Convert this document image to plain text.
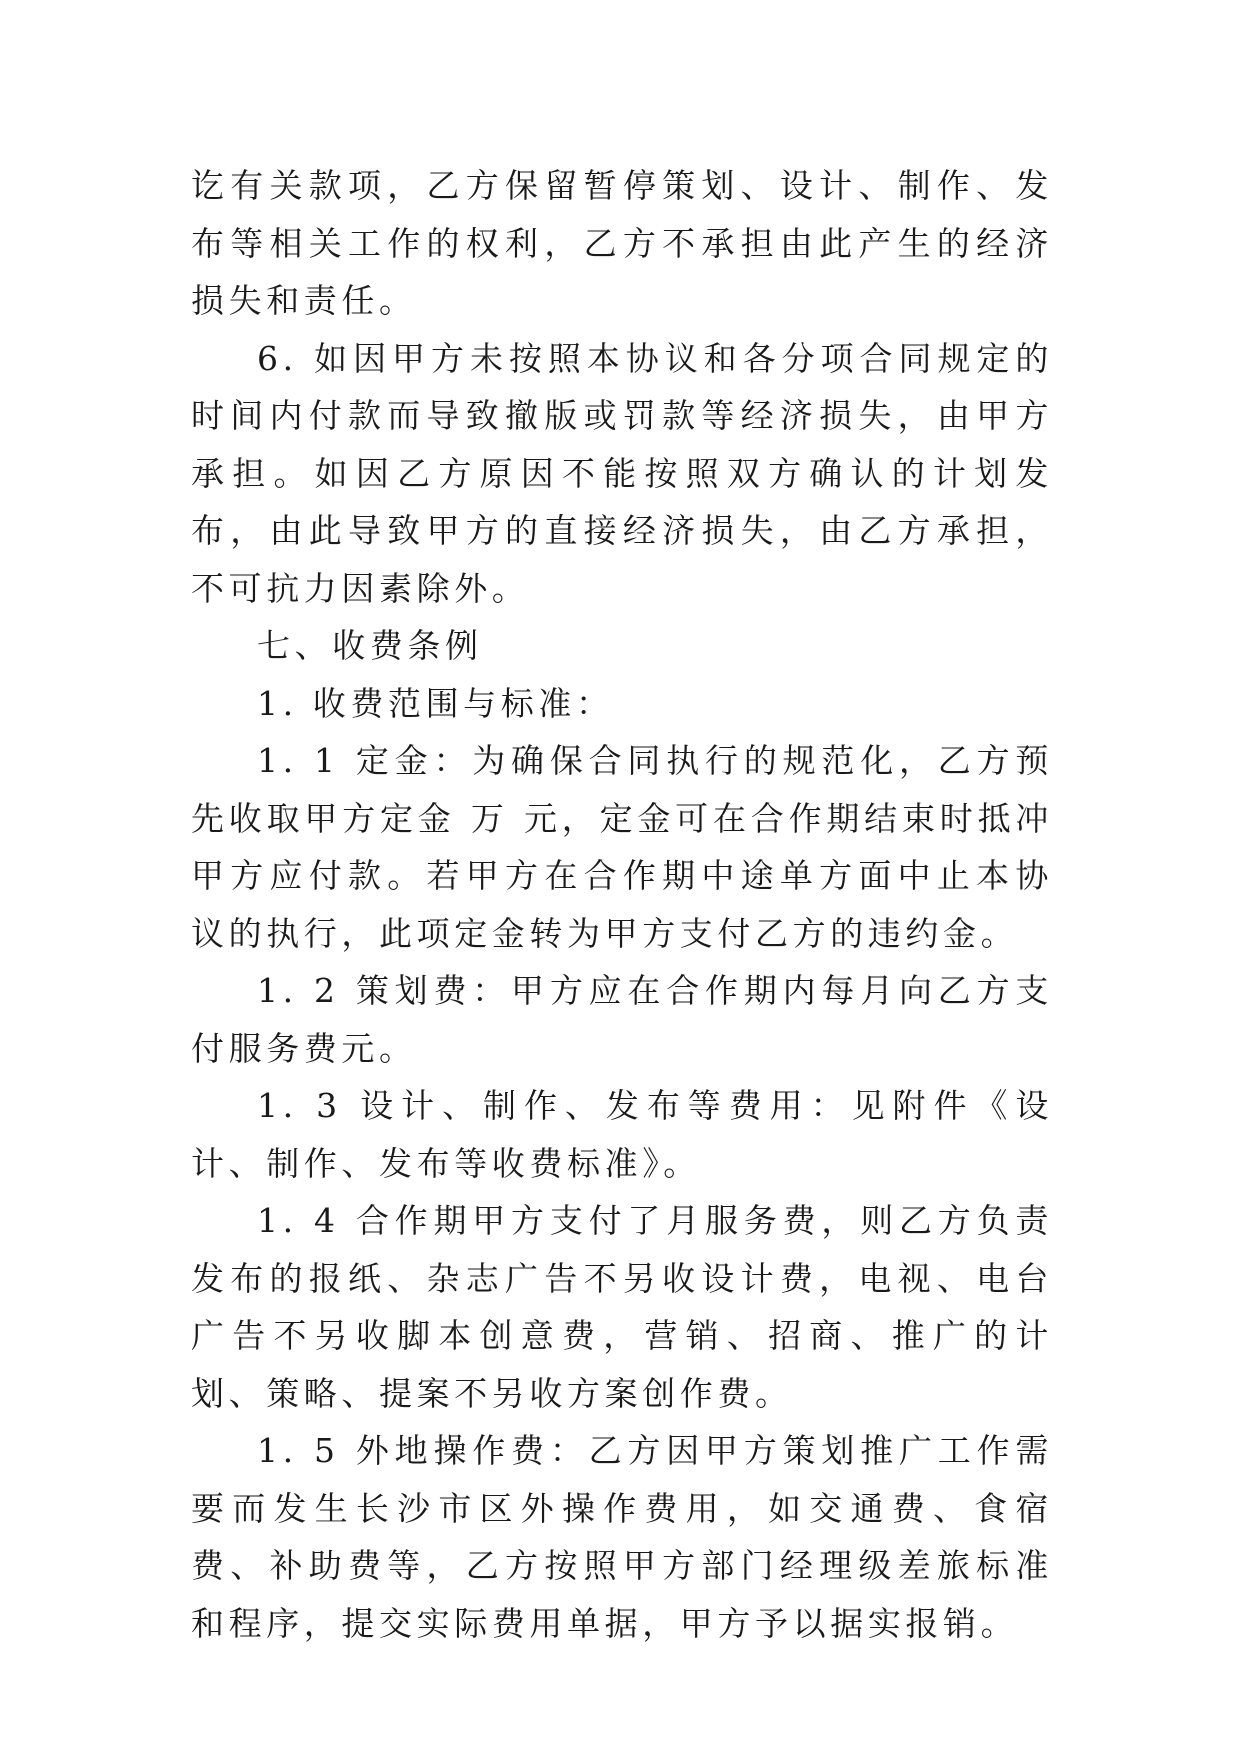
讫有关款项，乙方保留暂停策划、设计、制作、发布等相关工作的权利，乙方不承担由此产生的经济损失和责任。

6. 如因甲方未按照本协议和各分项合同规定的时间内付款而导致撤版或罚款等经济损失，由甲方承担。如因乙方原因不能按照双方确认的计划发布，由此导致甲方的直接经济损失，由乙方承担，不可抗力因素除外。

七、收费条例

1. 收费范围与标准：

1. 1 定金：为确保合同执行的规范化，乙方预先收取甲方定金 万 元，定金可在合作期结束时抵冲甲方应付款。若甲方在合作期中途单方面中止本协议的执行，此项定金转为甲方支付乙方的违约金。

1. 2 策划费：甲方应在合作期内每月向乙方支付服务费元。

1. 3 设计、制作、发布等费用：见附件《设计、制作、发布等收费标准》。

1. 4 合作期甲方支付了月服务费，则乙方负责发布的报纸、杂志广告不另收设计费，电视、电台广告不另收脚本创意费，营销、招商、推广的计划、策略、提案不另收方案创作费。

1. 5 外地操作费：乙方因甲方策划推广工作需要而发生长沙市区外操作费用，如交通费、食宿费、补助费等，乙方按照甲方部门经理级差旅标准和程序，提交实际费用单据，甲方予以据实报销。
